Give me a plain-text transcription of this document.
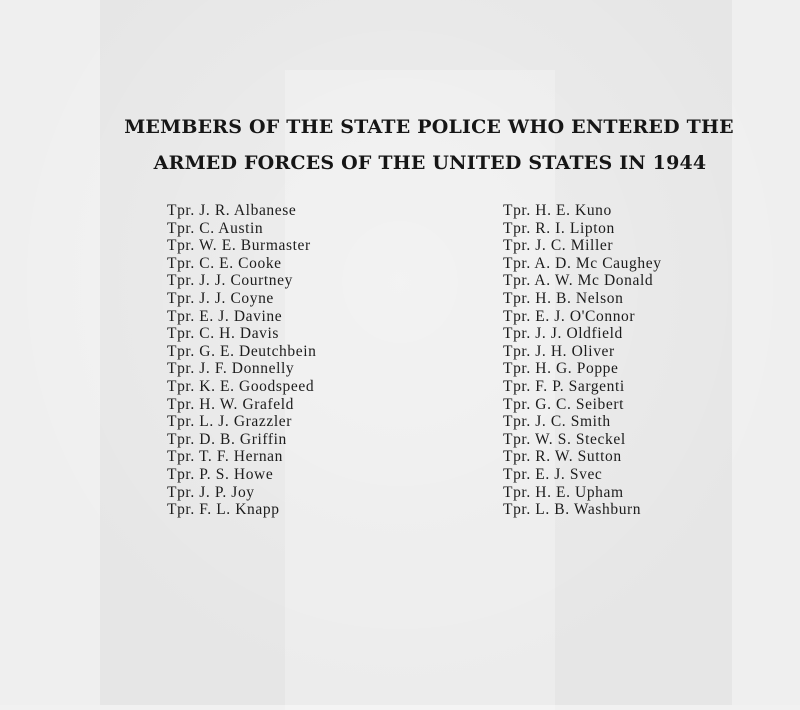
MEMBERS OF THE STATE POLICE WHO ENTERED THE
ARMED FORCES OF THE UNITED STATES IN 1944
Tpr. J. R. Albanese
Tpr. C. Austin
Tpr. W. E. Burmaster
Tpr. C. E. Cooke
Tpr. J. J. Courtney
Tpr. J. J. Coyne
Tpr. E. J. Davine
Tpr. C. H. Davis
Tpr. G. E. Deutchbein
Tpr. J. F. Donnelly
Tpr. K. E. Goodspeed
Tpr. H. W. Grafeld
Tpr. L. J. Grazzler
Tpr. D. B. Griffin
Tpr. T. F. Hernan
Tpr. P. S. Howe
Tpr. J. P. Joy
Tpr. F. L. Knapp
Tpr. H. E. Kuno
Tpr. R. I. Lipton
Tpr. J. C. Miller
Tpr. A. D. Mc Caughey
Tpr. A. W. Mc Donald
Tpr. H. B. Nelson
Tpr. E. J. O'Connor
Tpr. J. J. Oldfield
Tpr. J. H. Oliver
Tpr. H. G. Poppe
Tpr. F. P. Sargenti
Tpr. G. C. Seibert
Tpr. J. C. Smith
Tpr. W. S. Steckel
Tpr. R. W. Sutton
Tpr. E. J. Svec
Tpr. H. E. Upham
Tpr. L. B. Washburn
